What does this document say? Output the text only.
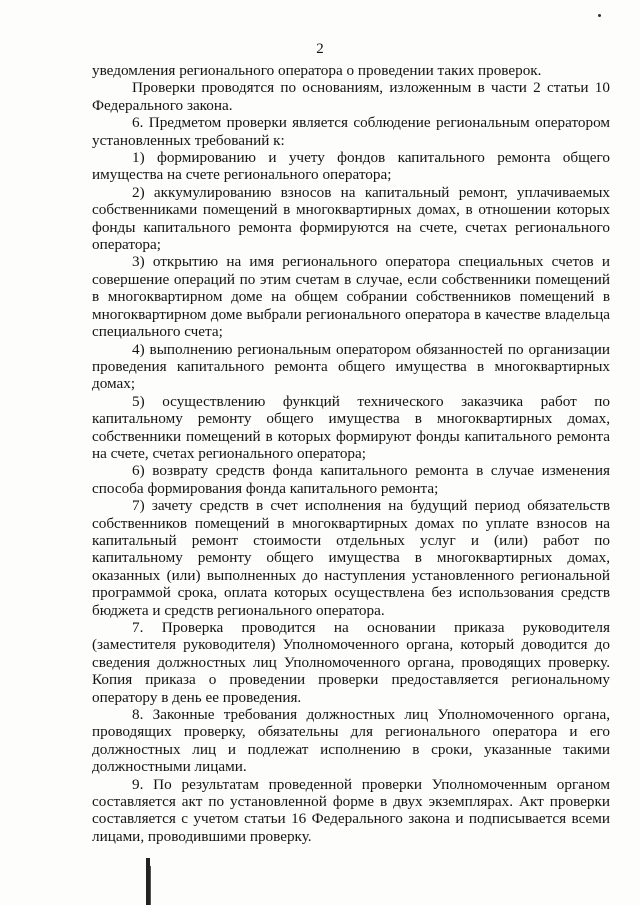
2

уведомления регионального оператора о проведении таких проверок.

Проверки проводятся по основаниям, изложенным в части 2 статьи 10 Федерального закона.

6. Предметом проверки является соблюдение региональным оператором установленных требований к:

1) формированию и учету фондов капитального ремонта общего имущества на счете регионального оператора;

2) аккумулированию взносов на капитальный ремонт, уплачиваемых собственниками помещений в многоквартирных домах, в отношении которых фонды капитального ремонта формируются на счете, счетах регионального оператора;

3) открытию на имя регионального оператора специальных счетов и совершение операций по этим счетам в случае, если собственники помещений в многоквартирном доме на общем собрании собственников помещений в многоквартирном доме выбрали регионального оператора в качестве владельца специального счета;

4) выполнению региональным оператором обязанностей по организации проведения капитального ремонта общего имущества в многоквартирных домах;

5) осуществлению функций технического заказчика работ по капитальному ремонту общего имущества в многоквартирных домах, собственники помещений в которых формируют фонды капитального ремонта на счете, счетах регионального оператора;

6) возврату средств фонда капитального ремонта в случае изменения способа формирования фонда капитального ремонта;

7) зачету средств в счет исполнения на будущий период обязательств собственников помещений в многоквартирных домах по уплате взносов на капитальный ремонт стоимости отдельных услуг и (или) работ по капитальному ремонту общего имущества в многоквартирных домах, оказанных (или) выполненных до наступления установленного региональной программой срока, оплата которых осуществлена без использования средств бюджета и средств регионального оператора.

7. Проверка проводится на основании приказа руководителя (заместителя руководителя) Уполномоченного органа, который доводится до сведения должностных лиц Уполномоченного органа, проводящих проверку. Копия приказа о проведении проверки предоставляется региональному оператору в день ее проведения.

8. Законные требования должностных лиц Уполномоченного органа, проводящих проверку, обязательны для регионального оператора и его должностных лиц и подлежат исполнению в сроки, указанные такими должностными лицами.

9. По результатам проведенной проверки Уполномоченным органом составляется акт по установленной форме в двух экземплярах. Акт проверки составляется с учетом статьи 16 Федерального закона и подписывается всеми лицами, проводившими проверку.
